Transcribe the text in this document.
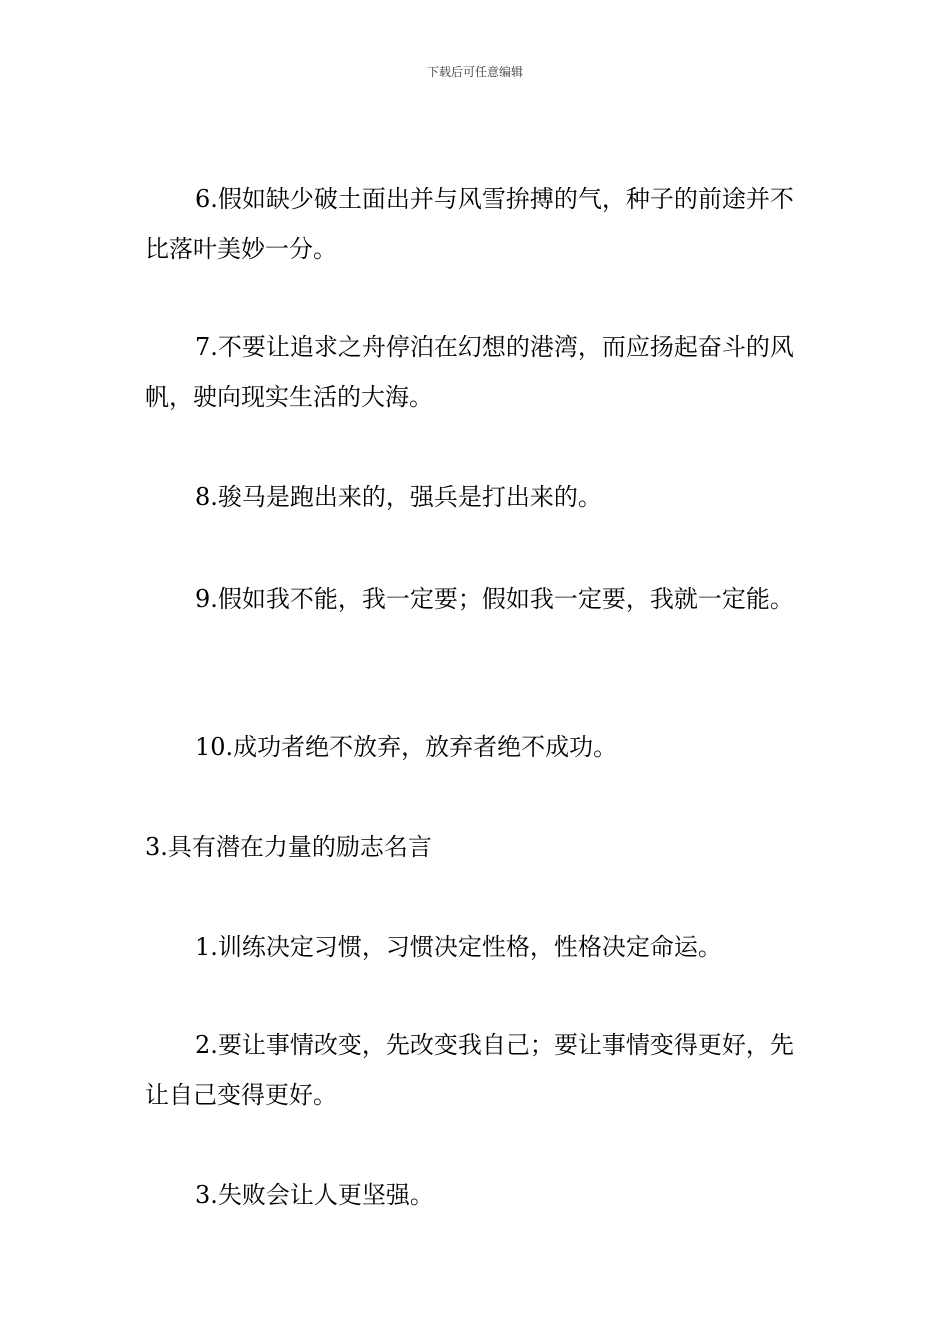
下载后可任意编辑

6.假如缺少破土面出并与风雪拚搏的气，种子的前途并不比落叶美妙一分。

7.不要让追求之舟停泊在幻想的港湾，而应扬起奋斗的风帆，驶向现实生活的大海。

8.骏马是跑出来的，强兵是打出来的。

9.假如我不能，我一定要；假如我一定要，我就一定能。

10.成功者绝不放弃，放弃者绝不成功。

3.具有潜在力量的励志名言

1.训练决定习惯，习惯决定性格，性格决定命运。

2.要让事情改变，先改变我自己；要让事情变得更好，先让自己变得更好。

3.失败会让人更坚强。
